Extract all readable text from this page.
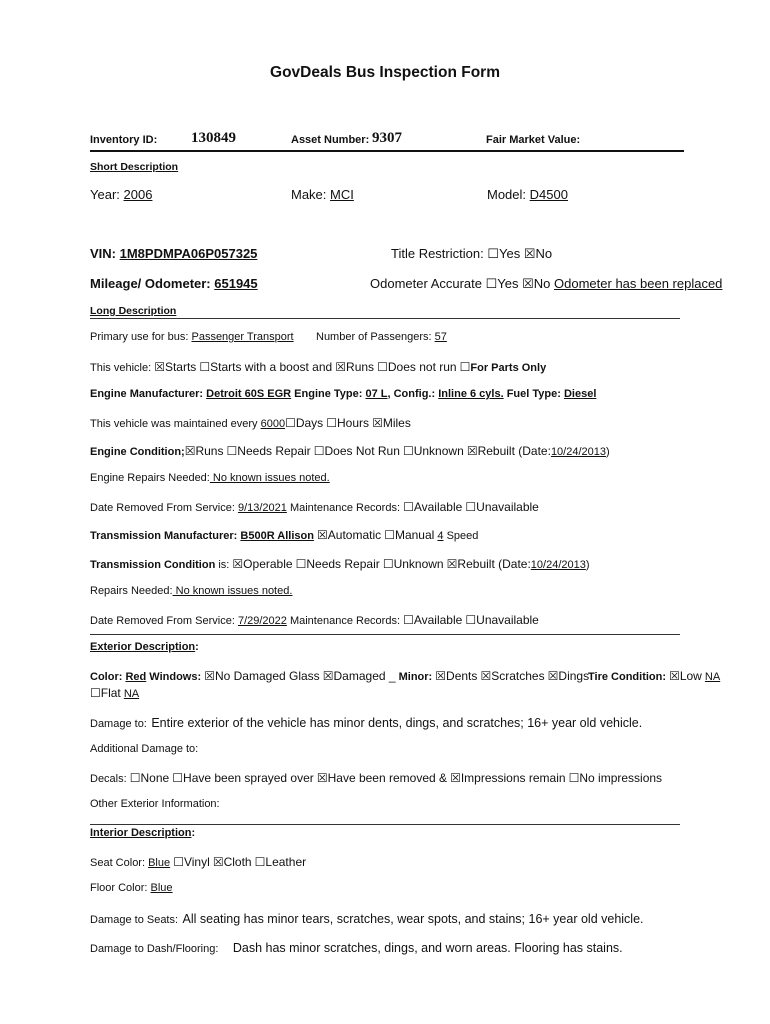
GovDeals Bus Inspection Form
Inventory ID: 130849	Asset Number: 9307	Fair Market Value:
Short Description
Year: 2006	Make: MCI	Model: D4500
VIN: 1M8PDMPA06P057325	Title Restriction: ☐Yes ☒No
Mileage/ Odometer: 651945	Odometer Accurate ☐Yes ☒No Odometer has been replaced
Long Description
Primary use for bus: Passenger Transport Number of Passengers: 57
This vehicle: ☒Starts ☐Starts with a boost and ☒Runs ☐Does not run ☐For Parts Only
Engine Manufacturer: Detroit 60S EGR Engine Type: 07 L, Config.: Inline 6 cyls. Fuel Type: Diesel
This vehicle was maintained every 6000☐Days ☐Hours ☒Miles
Engine Condition;☒Runs ☐Needs Repair ☐Does Not Run ☐Unknown ☒Rebuilt (Date:10/24/2013)
Engine Repairs Needed: No known issues noted.
Date Removed From Service: 9/13/2021 Maintenance Records: ☐Available ☐Unavailable
Transmission Manufacturer: B500R Allison ☒Automatic ☐Manual 4 Speed
Transmission Condition is: ☒Operable ☐Needs Repair ☐Unknown ☒Rebuilt (Date:10/24/2013)
Repairs Needed: No known issues noted.
Date Removed From Service: 7/29/2022 Maintenance Records: ☐Available ☐Unavailable
Exterior Description:
Color: Red Windows: ☒No Damaged Glass ☒Damaged _ Minor: ☒Dents ☒Scratches ☒Dings
Tire Condition: ☒Low NA
☐Flat NA
Damage to: Entire exterior of the vehicle has minor dents, dings, and scratches; 16+ year old vehicle.
Additional Damage to:
Decals: ☐None ☐Have been sprayed over ☒Have been removed & ☒Impressions remain ☐No impressions
Other Exterior Information:
Interior Description:
Seat Color: Blue ☐Vinyl ☒Cloth ☐Leather
Floor Color: Blue
Damage to Seats: All seating has minor tears, scratches, wear spots, and stains; 16+ year old vehicle.
Damage to Dash/Flooring: Dash has minor scratches, dings, and worn areas. Flooring has stains.
